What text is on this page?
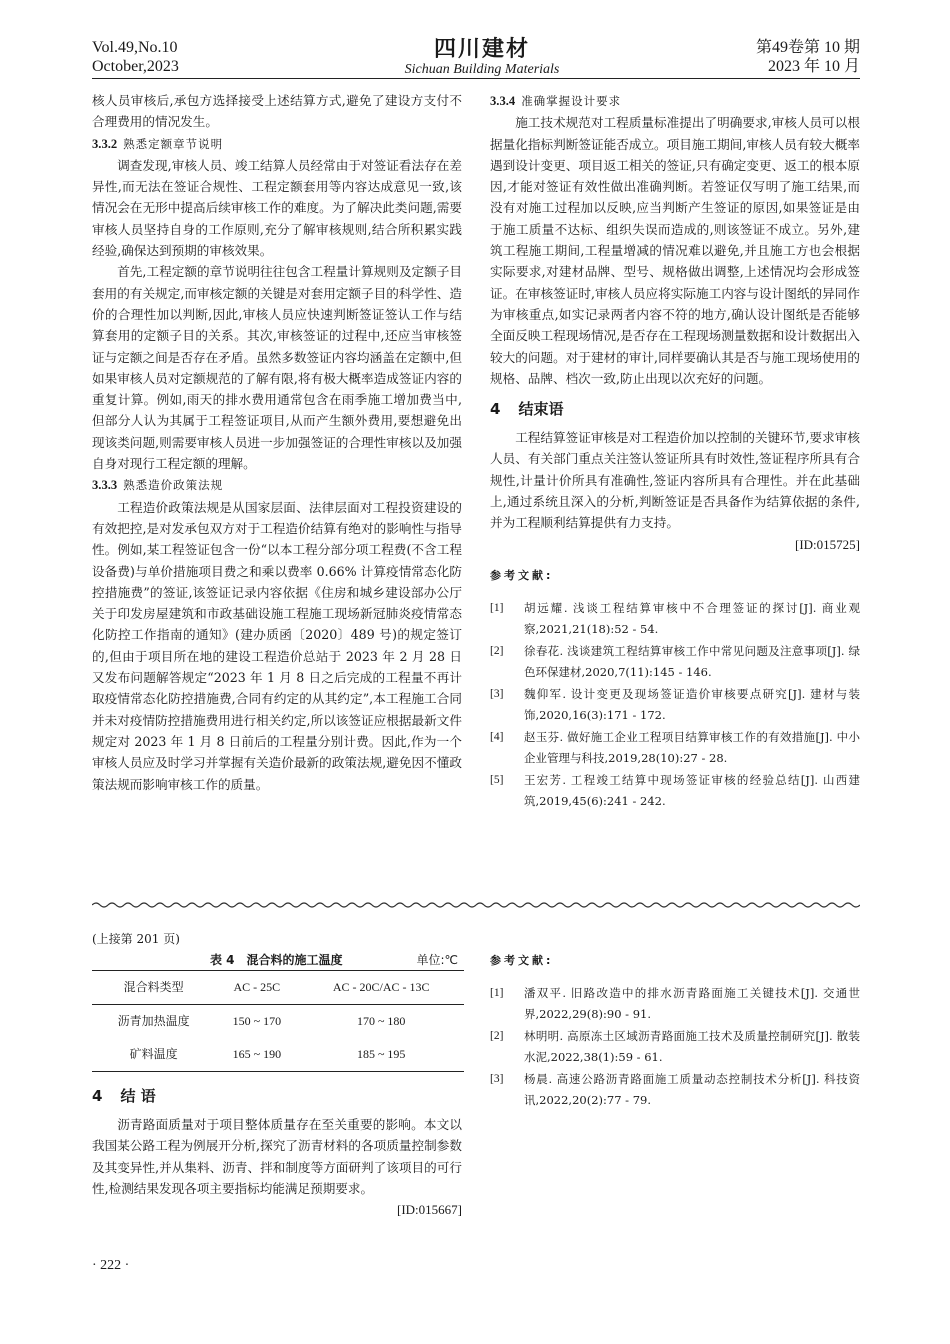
Vol.49,No.10
October,2023
四川建材
Sichuan Building Materials
第49卷第 10 期
2023 年 10 月

核人员审核后,承包方选择接受上述结算方式,避免了建设方支付不合理费用的情况发生。

3.3.2 熟悉定额章节说明

调查发现,审核人员、竣工结算人员经常由于对签证看法存在差异性,而无法在签证合规性、工程定额套用等内容达成意见一致,该情况会在无形中提高后续审核工作的难度。为了解决此类问题,需要审核人员坚持自身的工作原则,充分了解审核规则,结合所积累实践经验,确保达到预期的审核效果。

首先,工程定额的章节说明往往包含工程量计算规则及定额子目套用的有关规定,而审核定额的关键是对套用定额子目的科学性、造价的合理性加以判断,因此,审核人员应快速判断签证签认工作与结算套用的定额子目的关系。其次,审核签证的过程中,还应当审核签证与定额之间是否存在矛盾。虽然多数签证内容均涵盖在定额中,但如果审核人员对定额规范的了解有限,将有极大概率造成签证内容的重复计算。例如,雨天的排水费用通常包含在雨季施工增加费当中,但部分人认为其属于工程签证项目,从而产生额外费用,要想避免出现该类问题,则需要审核人员进一步加强签证的合理性审核以及加强自身对现行工程定额的理解。

3.3.3 熟悉造价政策法规

工程造价政策法规是从国家层面、法律层面对工程投资建设的有效把控,是对发承包双方对于工程造价结算有绝对的影响性与指导性。例如,某工程签证包含一份“以本工程分部分项工程费(不含工程设备费)与单价措施项目费之和乘以费率 0.66% 计算疫情常态化防控措施费”的签证,该签证记录内容依据《住房和城乡建设部办公厅关于印发房屋建筑和市政基础设施工程施工现场新冠肺炎疫情常态化防控工作指南的通知》(建办质函〔2020〕489 号)的规定签订的,但由于项目所在地的建设工程造价总站于 2023 年 2 月 28 日又发布问题解答规定“2023 年 1 月 8 日之后完成的工程量不再计取疫情常态化防控措施费,合同有约定的从其约定”,本工程施工合同并未对疫情防控措施费用进行相关约定,所以该签证应根据最新文件规定对 2023 年 1 月 8 日前后的工程量分别计费。因此,作为一个审核人员应及时学习并掌握有关造价最新的政策法规,避免因不懂政策法规而影响审核工作的质量。

3.3.4 准确掌握设计要求

施工技术规范对工程质量标准提出了明确要求,审核人员可以根据量化指标判断签证能否成立。项目施工期间,审核人员有较大概率遇到设计变更、项目返工相关的签证,只有确定变更、返工的根本原因,才能对签证有效性做出准确判断。若签证仅写明了施工结果,而没有对施工过程加以反映,应当判断产生签证的原因,如果签证是由于施工质量不达标、组织失误而造成的,则该签证不成立。另外,建筑工程施工期间,工程量增减的情况难以避免,并且施工方也会根据实际要求,对建材品牌、型号、规格做出调整,上述情况均会形成签证。在审核签证时,审核人员应将实际施工内容与设计图纸的异同作为审核重点,如实记录两者内容不符的地方,确认设计图纸是否能够全面反映工程现场情况,是否存在工程现场测量数据和设计数据出入较大的问题。对于建材的审计,同样要确认其是否与施工现场使用的规格、品牌、档次一致,防止出现以次充好的问题。

4 结束语

工程结算签证审核是对工程造价加以控制的关键环节,要求审核人员、有关部门重点关注签认签证所具有时效性,签证程序所具有合规性,计量计价所具有准确性,签证内容所具有合理性。并在此基础上,通过系统且深入的分析,判断签证是否具备作为结算依据的条件,并为工程顺利结算提供有力支持。

[ID:015725]
参考文献:
[1] 胡远耀. 浅谈工程结算审核中不合理签证的探讨[J]. 商业观察,2021,21(18):52 - 54.
[2] 徐春花. 浅谈建筑工程结算审核工作中常见问题及注意事项[J]. 绿色环保建材,2020,7(11):145 - 146.
[3] 魏仰军. 设计变更及现场签证造价审核要点研究[J]. 建材与装饰,2020,16(3):171 - 172.
[4] 赵玉芬. 做好施工企业工程项目结算审核工作的有效措施[J]. 中小企业管理与科技,2019,28(10):27 - 28.
[5] 王宏芳. 工程竣工结算中现场签证审核的经验总结[J]. 山西建筑,2019,45(6):241 - 242.
(上接第 201 页)
表 4　混合料的施工温度	单位:℃
混合料类型	AC - 25C	AC - 20C/AC - 13C
沥青加热温度	150 ~ 170	170 ~ 180
矿料温度	165 ~ 190	185 ~ 195
4 结 语

沥青路面质量对于项目整体质量存在至关重要的影响。本文以我国某公路工程为例展开分析,探究了沥青材料的各项质量控制参数及其变异性,并从集料、沥青、拌和制度等方面研判了该项目的可行性,检测结果发现各项主要指标均能满足预期要求。

[ID:015667]
参考文献:
[1] 潘双平. 旧路改造中的排水沥青路面施工关键技术[J]. 交通世界,2022,29(8):90 - 91.
[2] 林明明. 高原冻土区域沥青路面施工技术及质量控制研究[J]. 散装水泥,2022,38(1):59 - 61.
[3] 杨晨. 高速公路沥青路面施工质量动态控制技术分析[J]. 科技资讯,2022,20(2):77 - 79.
· 222 ·
